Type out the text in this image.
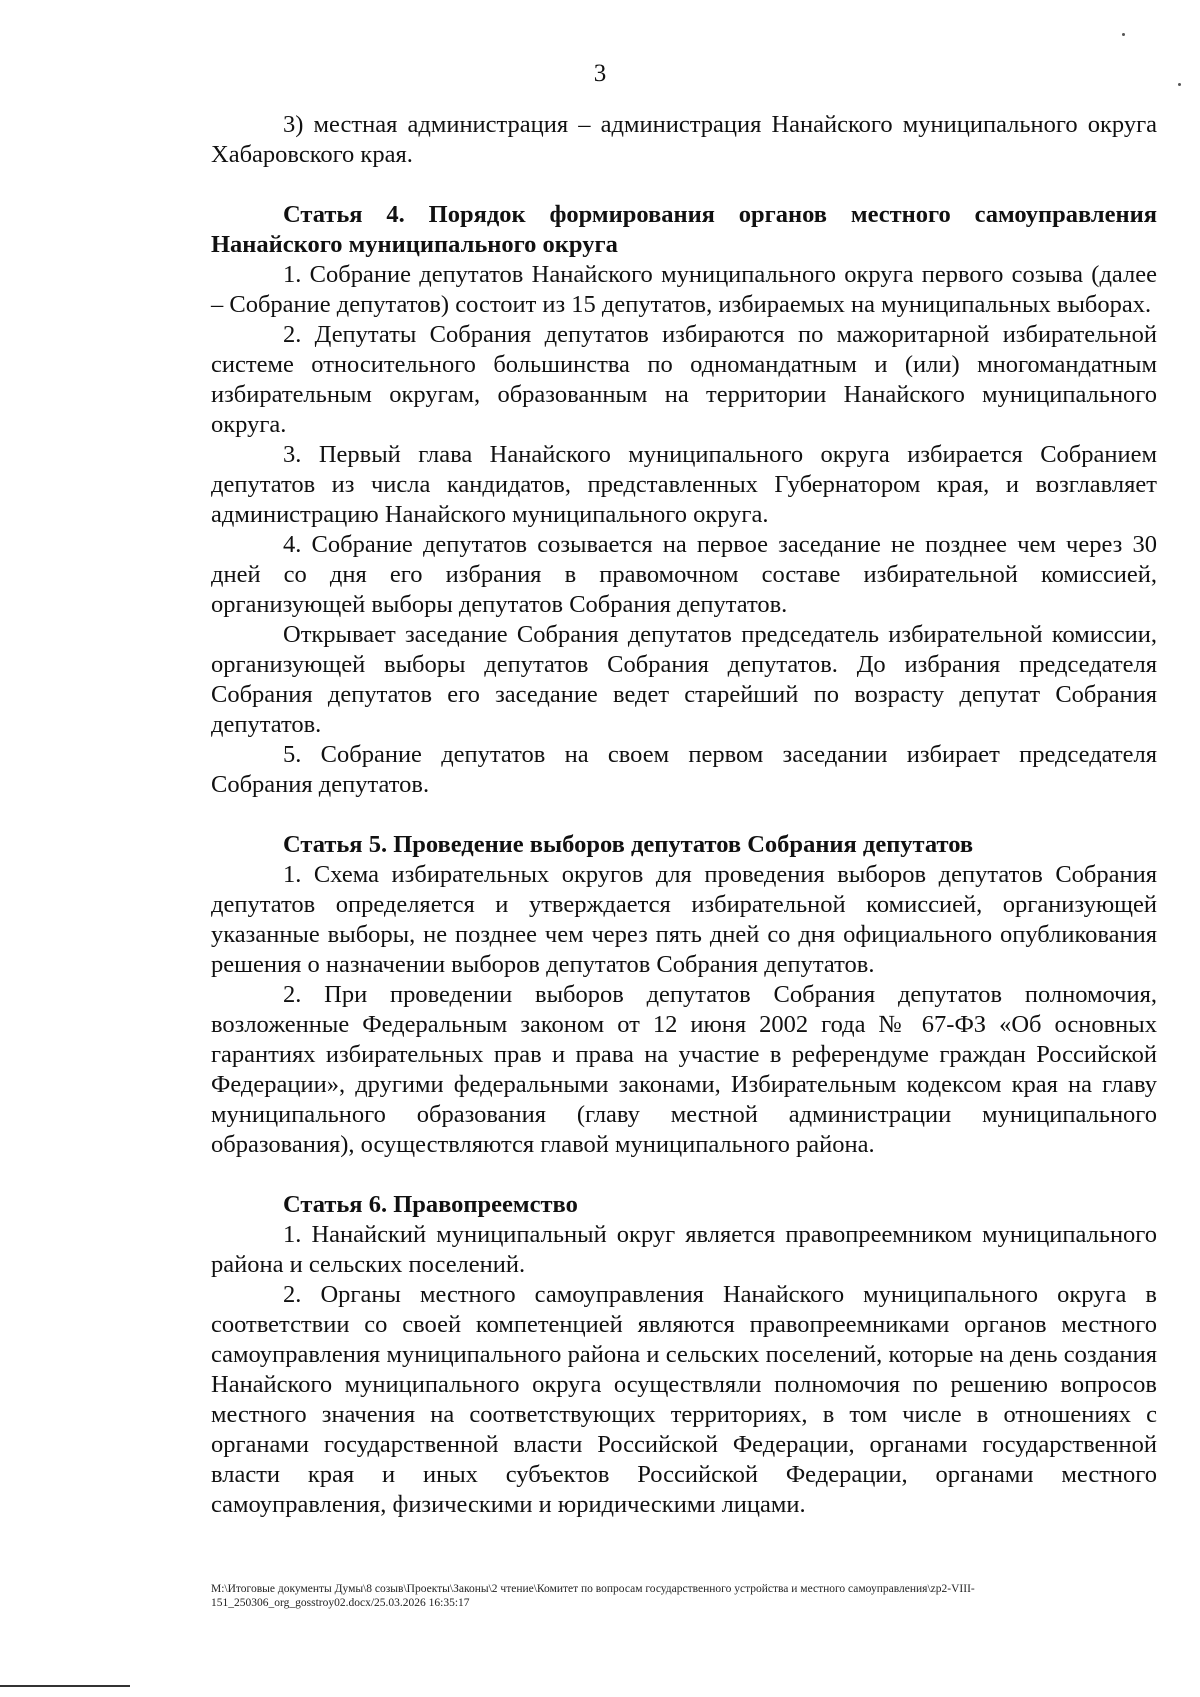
3

3) местная администрация – администрация Нанайского муниципального округа Хабаровского края.

Статья 4. Порядок формирования органов местного самоуправления Нанайского муниципального округа

1. Собрание депутатов Нанайского муниципального округа первого созыва (далее – Собрание депутатов) состоит из 15 депутатов, избираемых на муниципальных выборах.

2. Депутаты Собрания депутатов избираются по мажоритарной избирательной системе относительного большинства по одномандатным и (или) многомандатным избирательным округам, образованным на территории Нанайского муниципального округа.

3. Первый глава Нанайского муниципального округа избирается Собранием депутатов из числа кандидатов, представленных Губернатором края, и возглавляет администрацию Нанайского муниципального округа.

4. Собрание депутатов созывается на первое заседание не позднее чем через 30 дней со дня его избрания в правомочном составе избирательной комиссией, организующей выборы депутатов Собрания депутатов.

Открывает заседание Собрания депутатов председатель избирательной комиссии, организующей выборы депутатов Собрания депутатов. До избрания председателя Собрания депутатов его заседание ведет старейший по возрасту депутат Собрания депутатов.

5. Собрание депутатов на своем первом заседании избирает председателя Собрания депутатов.

Статья 5. Проведение выборов депутатов Собрания депутатов

1. Схема избирательных округов для проведения выборов депутатов Собрания депутатов определяется и утверждается избирательной комиссией, организующей указанные выборы, не позднее чем через пять дней со дня официального опубликования решения о назначении выборов депутатов Собрания депутатов.

2. При проведении выборов депутатов Собрания депутатов полномочия, возложенные Федеральным законом от 12 июня 2002 года № 67-ФЗ «Об основных гарантиях избирательных прав и права на участие в референдуме граждан Российской Федерации», другими федеральными законами, Избирательным кодексом края на главу муниципального образования (главу местной администрации муниципального образования), осуществляются главой муниципального района.

Статья 6. Правопреемство

1. Нанайский муниципальный округ является правопреемником муниципального района и сельских поселений.

2. Органы местного самоуправления Нанайского муниципального округа в соответствии со своей компетенцией являются правопреемниками органов местного самоуправления муниципального района и сельских поселений, которые на день создания Нанайского муниципального округа осуществляли полномочия по решению вопросов местного значения на соответствующих территориях, в том числе в отношениях с органами государственной власти Российской Федерации, органами государственной власти края и иных субъектов Российской Федерации, органами местного самоуправления, физическими и юридическими лицами.

M:\Итоговые документы Думы\8 созыв\Проекты\Законы\2 чтение\Комитет по вопросам государственного устройства и местного самоуправления\zp2-VIII-151_250306_org_gosstroy02.docx/25.03.2026 16:35:17
